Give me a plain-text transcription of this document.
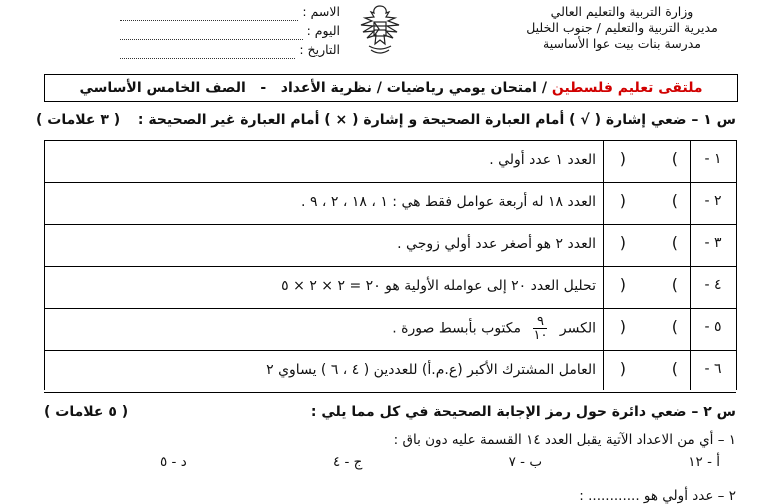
وزارة التربية والتعليم العالي
مديرية التربية والتعليم / جنوب الخليل
مدرسة بنات بيت عوا الأساسية
الاسم :
اليوم :
التاريخ :
ملتقى تعليم فلسطين
/ امتحان يومي رياضيات / نظرية الأعداد   -   الصف الخامس الأساسي
س ١ – ضعي إشارة ( √ ) أمام العبارة الصحيحة و إشارة ( × ) أمام العبارة غير الصحيحة :
( ٣ علامات )
١ -
)
(
العدد ١ عدد أولي .
٢ -
)
(
العدد ١٨ له أربعة عوامل فقط هي : ١ ، ١٨ ، ٢ ، ٩ .
٣ -
)
(
العدد ٢ هو أصغر عدد أولي زوجي .
٤ -
)
(
تحليل العدد ٢٠ إلى عوامله الأولية هو ٢٠ = ٢ × ٢ × ٥
٥ -
)
(
الكسر
$\frac{٩}{١٠}$
مكتوب بأبسط صورة .
٦ -
)
(
العامل المشترك الأكبر (ع.م.أ) للعددين ( ٤ ، ٦ ) يساوي ٢
س ٢ – ضعي دائرة حول رمز الإجابة الصحيحة في كل مما يلي :
( ٥ علامات )
١ – أي من الاعداد الآتية يقبل العدد ١٤ القسمة عليه دون باق :
أ - ١٢
ب - ٧
ج - ٤
د - ٥
٢ – عدد أولي هو ............ :
